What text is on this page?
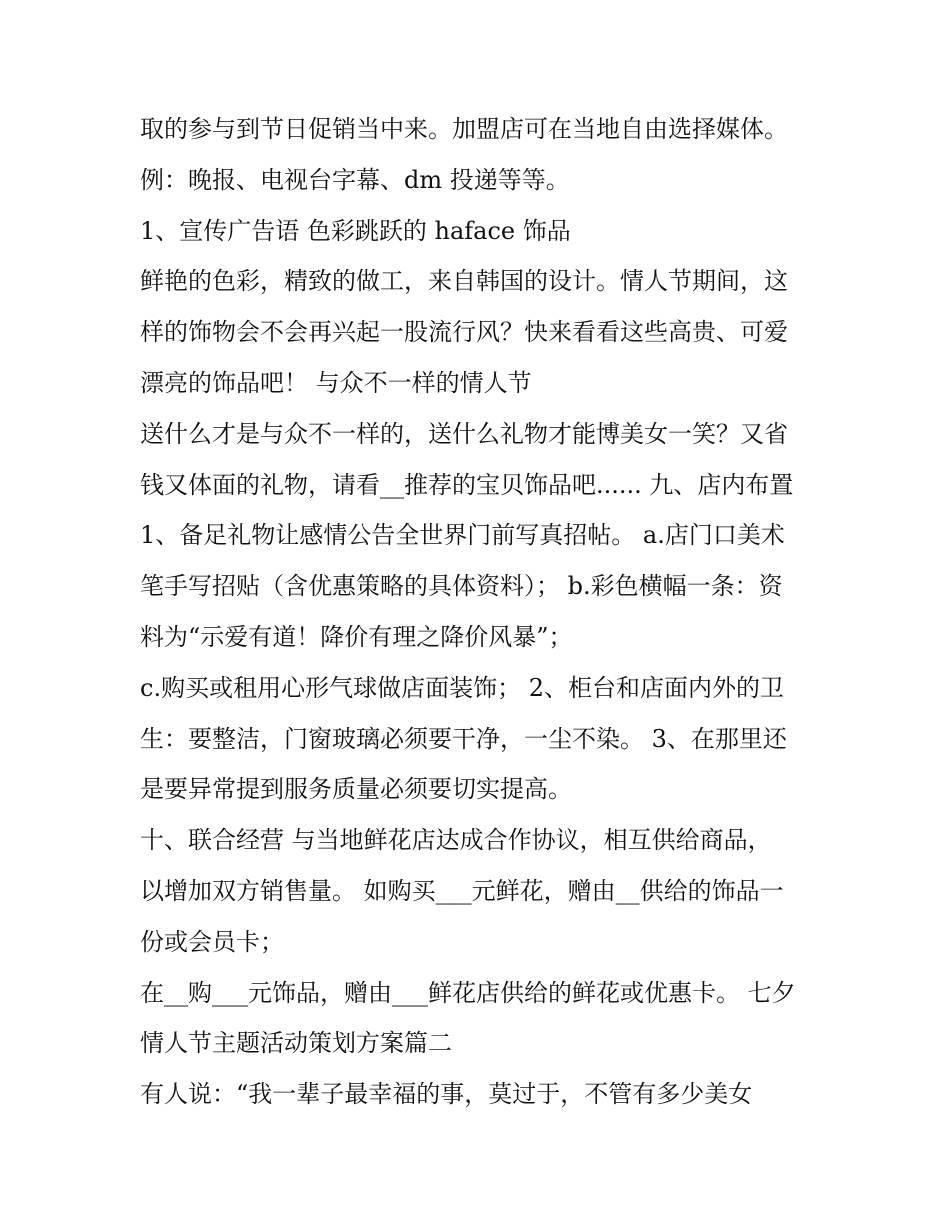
取的参与到节日促销当中来。加盟店可在当地自由选择媒体。
例：晚报、电视台字幕、dm 投递等等。
1、宣传广告语 色彩跳跃的 haface 饰品
鲜艳的色彩，精致的做工，来自韩国的设计。情人节期间，这
样的饰物会不会再兴起一股流行风？快来看看这些高贵、可爱
漂亮的饰品吧！ 与众不一样的情人节
送什么才是与众不一样的，送什么礼物才能博美女一笑？又省
钱又体面的礼物，请看__推荐的宝贝饰品吧...... 九、店内布置
1、备足礼物让感情公告全世界门前写真招帖。 a.店门口美术
笔手写招贴（含优惠策略的具体资料）； b.彩色横幅一条：资
料为“示爱有道！降价有理之降价风暴”；
c.购买或租用心形气球做店面装饰； 2、柜台和店面内外的卫
生：要整洁，门窗玻璃必须要干净，一尘不染。 3、在那里还
是要异常提到服务质量必须要切实提高。
十、联合经营 与当地鲜花店达成合作协议，相互供给商品，
以增加双方销售量。 如购买___元鲜花，赠由__供给的饰品一
份或会员卡；
在__购___元饰品，赠由___鲜花店供给的鲜花或优惠卡。 七夕
情人节主题活动策划方案篇二
有人说：“我一辈子最幸福的事，莫过于，不管有多少美女
